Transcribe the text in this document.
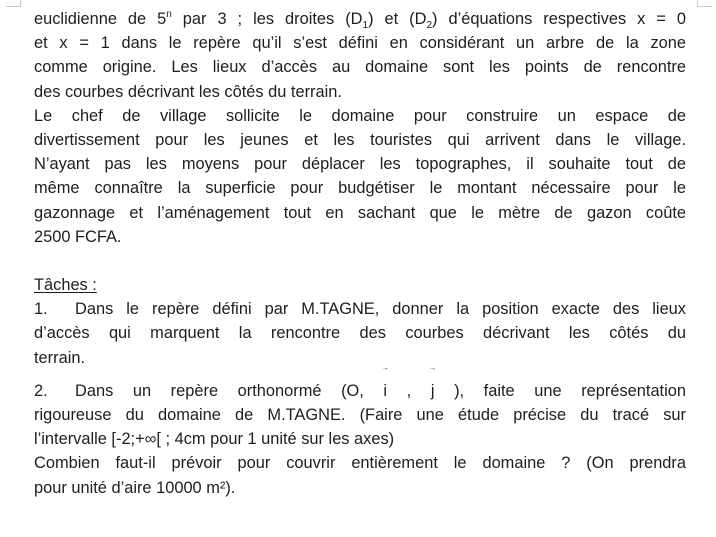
euclidienne de 5$^n$ par 3 ; les droites $(D_1)$ et $(D_2)$ d’équations respectives x = 0
et x = 1 dans le repère qu’il s’est défini en considérant un arbre de la zone
comme origine. Les lieux d’accès au domaine sont les points de rencontre
des courbes décrivant les côtés du terrain.
Le chef de village sollicite le domaine pour construire un espace de
divertissement pour les jeunes et les touristes qui arrivent dans le village.
N’ayant pas les moyens pour déplacer les topographes, il souhaite tout de
même connaître la superficie pour budgétiser le montant nécessaire pour le
gazonnage et l’aménagement tout en sachant que le mètre de gazon coûte
2500 FCFA.
Tâches :
1. Dans le repère défini par M.TAGNE, donner la position exacte des lieux
d’accès qui marquent la rencontre des courbes décrivant les côtés du
terrain.
2. Dans un repère orthonormé (O, → i , → j ), faite une représentation
rigoureuse du domaine de M.TAGNE. (Faire une étude précise du tracé sur
l’intervalle [-2;+∞[ ; 4cm pour 1 unité sur les axes)
Combien faut-il prévoir pour couvrir entièrement le domaine ? (On prendra
pour unité d’aire 10000 m²).
